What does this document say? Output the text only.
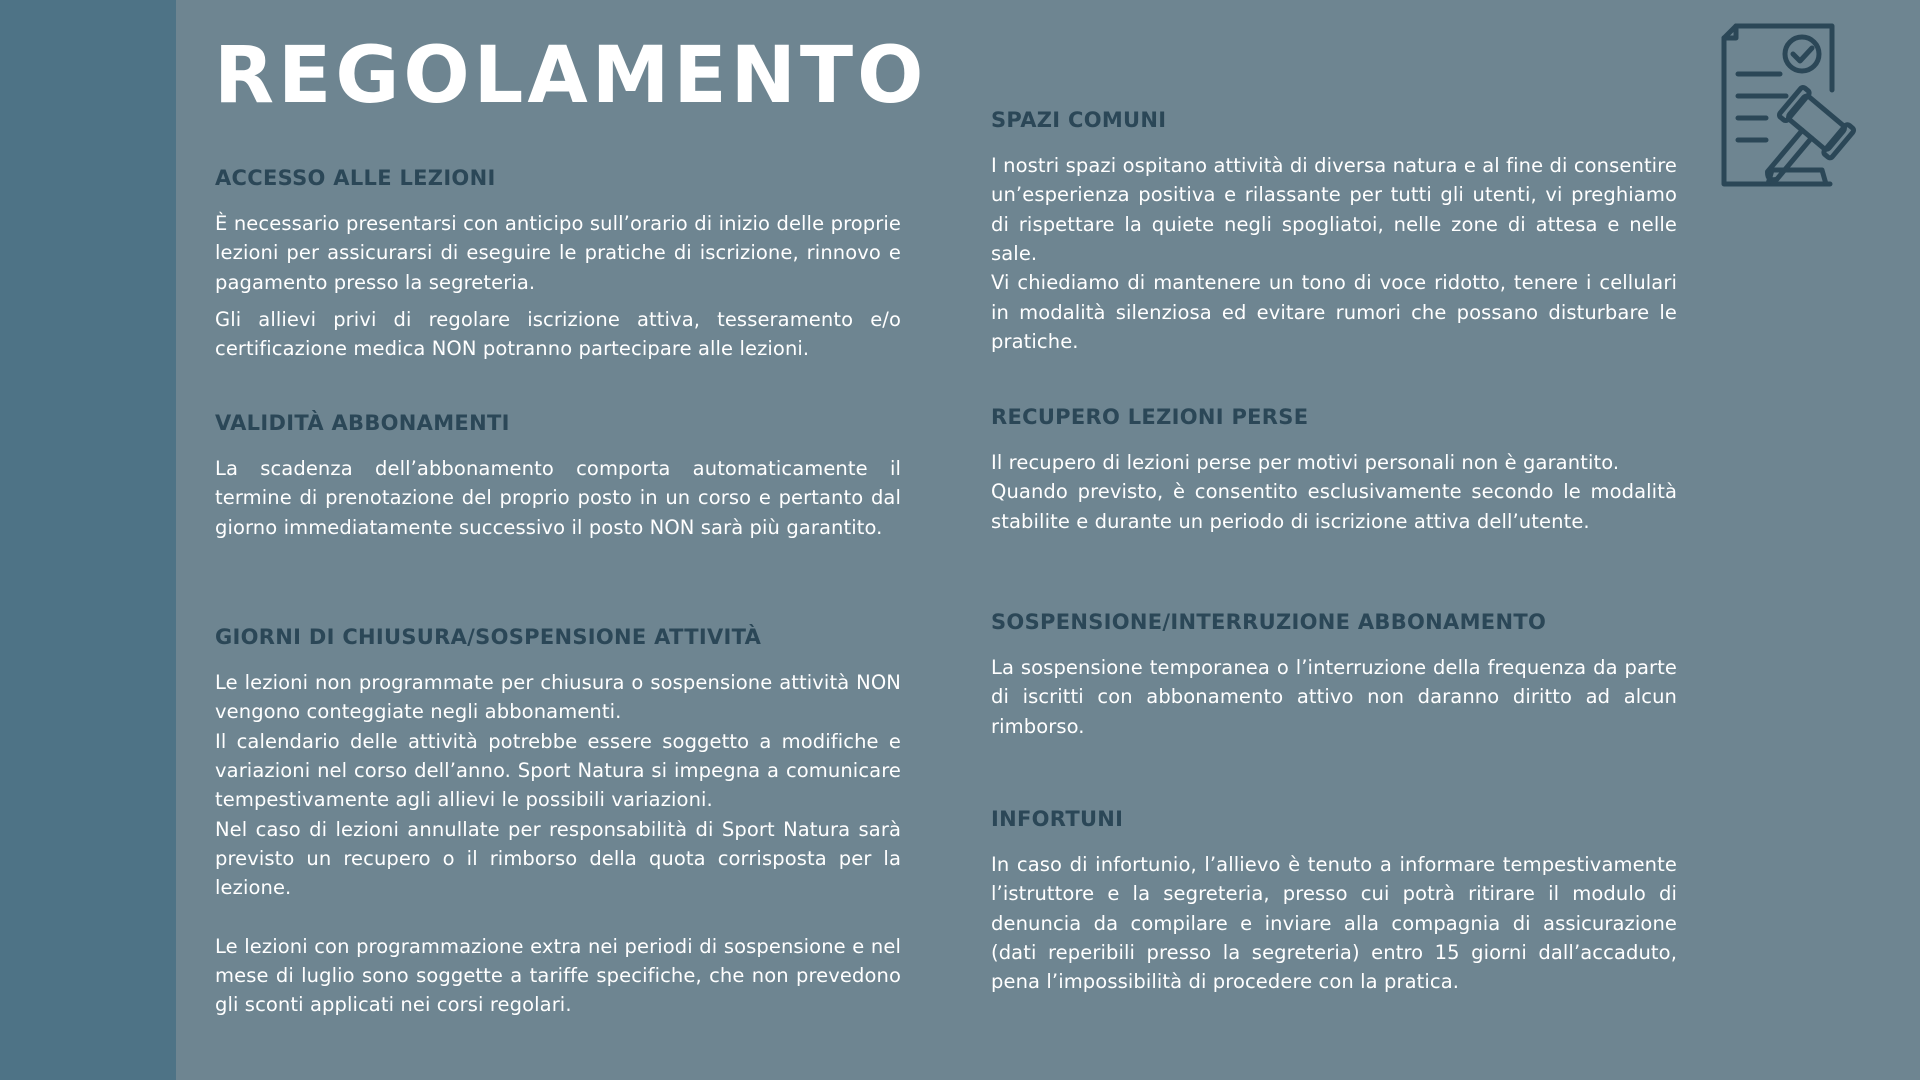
REGOLAMENTO
ACCESSO ALLE LEZIONI

È necessario presentarsi con anticipo sull’orario di inizio delle proprie lezioni per assicurarsi di eseguire le pratiche di iscrizione, rinnovo e pagamento presso la segreteria.

Gli allievi privi di regolare iscrizione attiva, tesseramento e/o certificazione medica NON potranno partecipare alle lezioni.

VALIDITÀ ABBONAMENTI

La scadenza dell’abbonamento comporta automaticamente il termine di prenotazione del proprio posto in un corso e pertanto dal giorno immediatamente successivo il posto NON sarà più garantito.

GIORNI DI CHIUSURA/SOSPENSIONE ATTIVITÀ

Le lezioni non programmate per chiusura o sospensione attività NON vengono conteggiate negli abbonamenti.

Il calendario delle attività potrebbe essere soggetto a modifiche e variazioni nel corso dell’anno. Sport Natura si impegna a comunicare tempestivamente agli allievi le possibili variazioni.

Nel caso di lezioni annullate per responsabilità di Sport Natura sarà previsto un recupero o il rimborso della quota corrisposta per la lezione.

Le lezioni con programmazione extra nei periodi di sospensione e nel mese di luglio sono soggette a tariffe specifiche, che non prevedono gli sconti applicati nei corsi regolari.

SPAZI COMUNI

I nostri spazi ospitano attività di diversa natura e al fine di consentire un’esperienza positiva e rilassante per tutti gli utenti, vi preghiamo di rispettare la quiete negli spogliatoi, nelle zone di attesa e nelle sale.

Vi chiediamo di mantenere un tono di voce ridotto, tenere i cellulari in modalità silenziosa ed evitare rumori che possano disturbare le pratiche.

RECUPERO LEZIONI PERSE

Il recupero di lezioni perse per motivi personali non è garantito.

Quando previsto, è consentito esclusivamente secondo le modalità stabilite e durante un periodo di iscrizione attiva dell’utente.

SOSPENSIONE/INTERRUZIONE ABBONAMENTO

La sospensione temporanea o l’interruzione della frequenza da parte di iscritti con abbonamento attivo non daranno diritto ad alcun rimborso.

INFORTUNI

In caso di infortunio, l’allievo è tenuto a informare tempestivamente l’istruttore e la segreteria, presso cui potrà ritirare il modulo di denuncia da compilare e inviare alla compagnia di assicurazione (dati reperibili presso la segreteria) entro 15 giorni dall’accaduto, pena l’impossibilità di procedere con la pratica.
